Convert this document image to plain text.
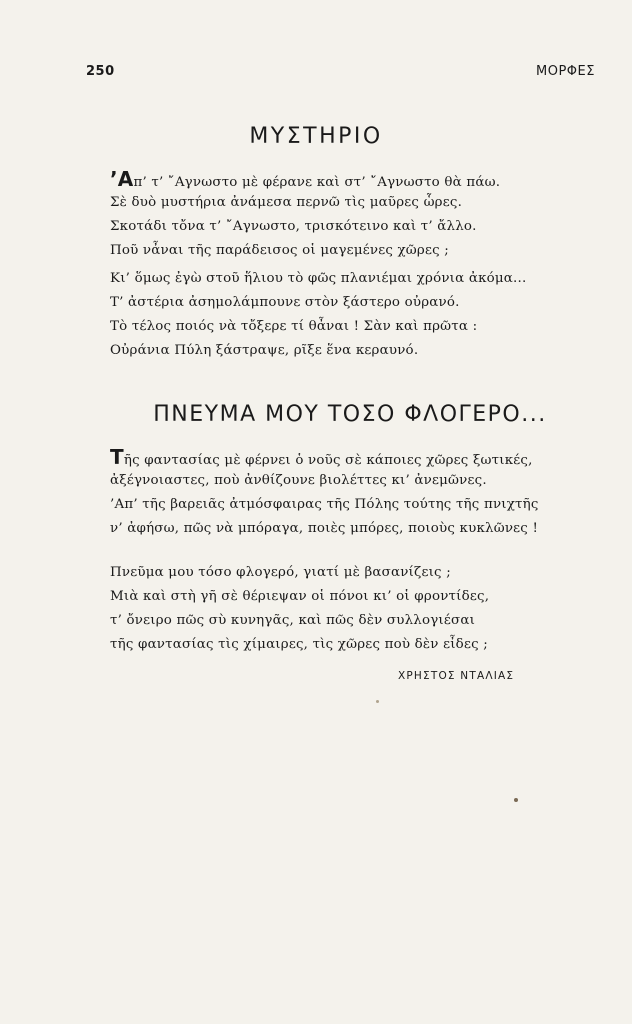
250	ΜΟΡΦΕΣ
ΜΥΣΤΗΡΙΟ
’Απ’ τ’ ῎Αγνωστο μὲ φέρανε καὶ στ’ ῎Αγνωστο θὰ πάω.
Σὲ δυὸ μυστήρια ἀνάμεσα περνῶ τὶς μαῦρες ὧρες.
Σκοτάδι τὄνα τ’ ῎Αγνωστο, τρισκότεινο καὶ τ’ ἄλλο.
Ποῦ νἆναι τῆς παράδεισος οἱ μαγεμένες χῶρες ;
Κι’ ὅμως ἐγὼ στοῦ ἥλιου τὸ φῶς πλανιέμαι χρόνια ἀκόμα...
Τ’ ἀστέρια ἀσημολάμπουνε στὸν ξάστερο οὐρανό.
Τὸ τέλος ποιός νὰ τὄξερε τί θἆναι ! Σὰν καὶ πρῶτα :
Οὐράνια Πύλη ξάστραψε, ρῖξε ἕνα κεραυνό.
ΠΝΕΥΜΑ ΜΟΥ ΤΟΣΟ ΦΛΟΓΕΡΟ...
Τῆς φαντασίας μὲ φέρνει ὁ νοῦς σὲ κάποιες χῶρες ξωτικές,
ἀξέγνοιαστες, ποὺ ἀνθίζουνε βιολέττες κι’ ἀνεμῶνες.
’Απ’ τῆς βαρειᾶς ἀτμόσφαιρας τῆς Πόλης τούτης τῆς πνιχτῆς
ν’ ἀφήσω, πῶς νὰ μπόραγα, ποιὲς μπόρες, ποιοὺς κυκλῶνες !
Πνεῦμα μου τόσο φλογερό, γιατί μὲ βασανίζεις ;
Μιὰ καὶ στὴ γῆ σὲ θέριεψαν οἱ πόνοι κι’ οἱ φροντίδες,
τ’ ὄνειρο πῶς σὺ κυνηγᾶς, καὶ πῶς δὲν συλλογιέσαι
τῆς φαντασίας τὶς χίμαιρες, τὶς χῶρες ποὺ δὲν εἶδες ;
ΧΡΗΣΤΟΣ ΝΤΑΛΙΑΣ
